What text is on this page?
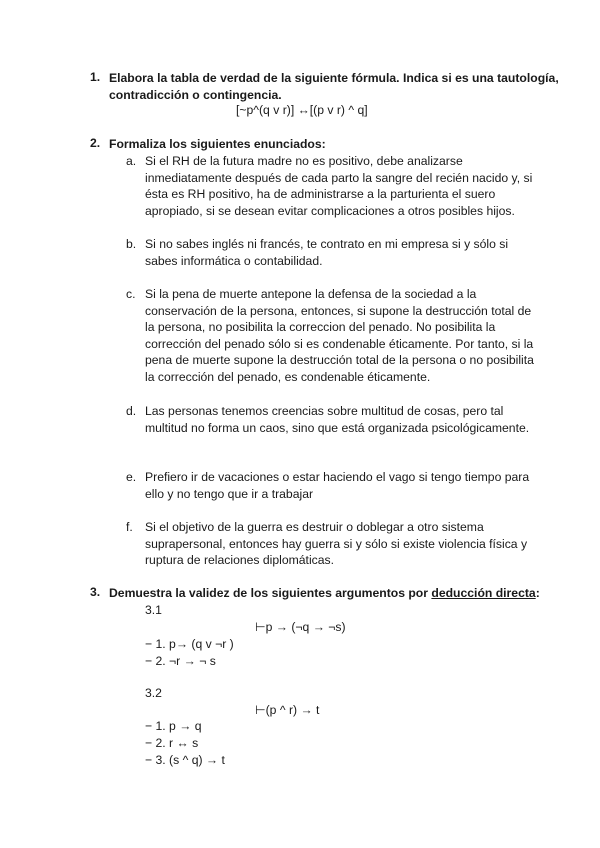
1. Elabora la tabla de verdad de la siguiente fórmula. Indica si es una tautología,
contradicción o contingencia.
[~p^(q v r)] ↔[(p v r) ^ q]
2. Formaliza los siguientes enunciados:
a. Si el RH de la futura madre no es positivo, debe analizarse inmediatamente después de cada parto la sangre del recién nacido y, si ésta es RH positivo, ha de administrarse a la parturienta el suero apropiado, si se desean evitar complicaciones a otros posibles hijos.
b. Si no sabes inglés ni francés, te contrato en mi empresa si y sólo si sabes informática o contabilidad.
c. Si la pena de muerte antepone la defensa de la sociedad a la conservación de la persona, entonces, si supone la destrucción total de la persona, no posibilita la correccion del penado. No posibilita la corrección del penado sólo si es condenable éticamente. Por tanto, si la pena de muerte supone la destrucción total de la persona o no posibilita la corrección del penado, es condenable éticamente.
d. Las personas tenemos creencias sobre multitud de cosas, pero tal multitud no forma un caos, sino que está organizada psicológicamente.
e. Prefiero ir de vacaciones o estar haciendo el vago si tengo tiempo para ello y no tengo que ir a trabajar
f. Si el objetivo de la guerra es destruir o doblegar a otro sistema suprapersonal, entonces hay guerra si y sólo si existe violencia física y ruptura de relaciones diplomáticas.
3. Demuestra la validez de los siguientes argumentos por deducción directa:
3.1
⊢p → (¬q → ¬s)
− 1. p→ (q v ¬r )
− 2. ¬r → ¬ s
3.2
⊢(p ^ r) → t
− 1. p → q
− 2. r ↔ s
− 3. (s ^ q) → t
